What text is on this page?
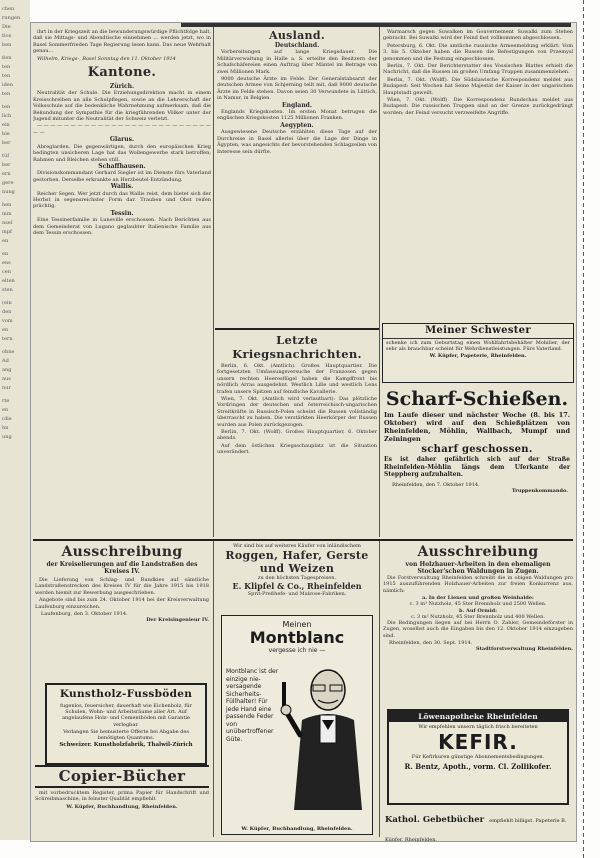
chen
rungen
Die
tlos
ben
ßen
ten
ten
iden
ten
ten
lich
ein
bie
ber
tüf
ber
ern
gere
nung
hen
mm
nsel
mpf
en
en
ens
cen
elten
sten
(ein
den
vom
en
tern
ohne
Ad
ang
aus
nur
rte
en
(die
hn
ung

ihrt in der Kriegszeit an die bewunderungswürdige Pflichtfolge halt, daß sie Mittags- und Abendtische einnehmen ... werden jetzt, wo in Basel Sommerfrieden Tage Regierung lesen kann. Das neue Wehrhalt genau...

Wilhelm, Kriegs-, Basel Sonntag den 11. Oktober 1914

Kantone.
Zürich.

Neutralität der Schule. Die Erziehungsdirektion macht in einem Kreisschreiben an alle Schulpflegen, sowie an die Lehrerschaft der Volksschule auf die bedenkliche Wahrnehmung aufmerksam, daß die Bekundung der Sympathie für die kriegführenden Völker unter der Jugend mitunter die Neutralität der Schweiz verletzt.

— — — — — — — — — — — — — — — — — — — — — — — — — — — —

Glarus.

Abreglarden. Die gegenwärtigen, durch den europäischen Krieg bedingten unsicheren Lage hat das Wollengewerbe stark betroffen; Rahmen und Bleichen stehen still.

Schaffhausen.

Divisionskommandant Gerhard Siegler ist im Dienste fürs Vaterland gestorben. Derselbe erkrankte an Herzbeutel-Entzündung.

Wallis.

Reicher Segen. Wer jetzt durch das Wallis reist, dem bietet sich der Herbst in segensreichster Form dar. Trauben und Obst reifen prächtig.

Tessin.

Eine Tessinerfamilie in Luneville erschossen. Nach Berichten aus dem Gemeinderat von Lugano geglaubter Italienische Familie aus dem Tessin erschossen.

Ausland.
Deutschland.

Vorbereitungen auf lange Kriegsdauer. Die Militärverwaltung in Halle a. S. erteilte den Besitzern der Schafschäfereien einen Auftrag über Mäntel im Betrage von zwei Millionen Mark.

9000 deutsche Ärzte im Felde. Der Generalstabsarzt der deutschen Armee von Schjerning teilt mit, daß 9000 deutsche Ärzte im Felde stehen. Davon seien 30 Verwundete in Lüttich, in Namur, in Belgien.

England.

Englands Kriegskosten. Im ersten Monat betrugen die englischen Kriegskosten 1125 Millionen Franken.

Aegypten.

Ausgewiesene Deutsche erzählten diese Tage auf der Durchreise in Basel allerlei über die Lage der Dinge in Ägypten, was angesichts der bevorstehenden Schlagzeilen von Interesse sein dürfte.

Letzte Kriegsnachrichten.

Berlin, 6. Okt. (Amtlich). Großes Hauptquartier. Die fortgesetzten Umfassungsversuche der Franzosen gegen unsern rechten Heeresflügel haben die Kampffront bis nördlich Arras ausgedehnt. Westlich Lille und westlich Lens trafen unsere Spitzen auf feindliche Kavallerie.

Wien, 7. Okt. (Amtlich wird verlautbart): Das plötzliche Vordringen der deutschen und österreichisch-ungarischen Streitkräfte in Russisch-Polen scheint die Russen vollständig überrascht zu haben. Die verstärkten Heerkörper der Russen wurden aus Polen zurückgezogen.

Berlin, 7. Okt. (Wolff). Großes Hauptquartier, 6. Oktober abends.

Auf dem östlichen Kriegsschauplatz ist die Situation unverändert.

Warmarsch gegen Suwalken im Gouvernement Suwalki zum Stehen gebracht. Bei Suwalki wird der Feind fast vollkommen abgeschlossen.

Petersburg, 6. Okt. Die amtliche russische Armeemeldung erklärt: Vom 3. bis 5. Oktober haben die Russen die Befestigungen von Przemysl genommen und die Festung eingeschlossen.

Berlin, 7. Okt. Der Berichterstatter des Vossischen Blattes erhielt die Nachricht, daß die Russen im großen Umfang Truppen zusammenziehen.

Berlin, 7. Okt. (Wolff). Die Südslawische Korrespondenz meldet aus Budapest: Seit Wochen hat Seine Majestät der Kaiser in der ungarischen Hauptstadt geweilt.

Wien, 7. Okt. (Wolff). Die Korrespondenz Rundschau meldet aus Budapest: Die russischen Truppen sind an der Grenze zurückgedrängt worden; der Feind versucht verzweifelte Angriffe.

Meiner Schwester
schenke ich zum Geburtstag einen Wohlfahrtsbehälter Mobilier, der sehr als brauchbar scheint für Wehrdienstleistungen. Fürs Vaterland.
W. Küpfer, Papeterie, Rheinfelden.
Scharf-Schießen.
Im Laufe dieser und nächster Woche (8. bis 17. Oktober) wird auf den Schießplätzen von Rheinfelden, Möhlin, Wallbach, Mumpf und Zeiningen
scharf geschossen.
Es ist daher gefährlich sich auf der Straße Rheinfelden-Möhlin längs dem Uferkante der Steppberg aufzuhalten.
Rheinfelden, den 7. Oktober 1914.
Truppenkommando.
Ausschreibung
der Kreiselierungen auf die Landstraßen des Kreises IV.

Die Lieferung von Schlag- und Rundkies auf sämtliche Landstraßenstrecken des Kreises IV für die Jahre 1915 bis 1918 werden hiemit zur Bewerbung ausgeschrieben.

Angebote sind bis zum 24. Oktober 1914 bei der Kreisverwaltung Laufenburg einzureichen.

Laufenburg, den 3. Oktober 1914.
Der Kreisingenieur IV.
Kunstholz-Fussböden
fugenlos, feuersicher, dauerhaft wie Eichenholz, für Schulen, Wohn- und Arbeitsräume aller Art. Auf angelaufene Holz- und Cementböden mit Garantie verlegbar.
Verlangen Sie bemusterte Offerte bei Abgabe des benötigten Quantums.
Schweizer. Kunstholzfabrik, Thalwil-Zürich
Copier-Bücher

mit vorbedrucktem Register, prima Papier für Handschrift und Schreibmaschine, in feinster Qualität empfiehlt

W. Küpfer, Buchhandlung, Rheinfelden.
Wir sind bis auf weiteres Käufer von inländischem
Roggen, Hafer, Gerste
und Weizen
zu den höchsten Tagespreisen.
E. Klipfel & Co., Rheinfelden
Sprit-Preßhefe- und Malzose-Fabriken.
Meinen
Montblanc
vergesse ich nie —
Montblanc ist der einzige nie-versagende Sicherheits-Füllhalter! Für jede Hand eine passende Feder von unübertroffener Güte.
W. Küpfer, Buchhandlung, Rheinfelden.
Ausschreibung
von Holzhauer-Arbeiten in den ehemaligen Stocker'schen Waldungen in Zugen.

Die Forstverwaltung Rheinfelden schreibt die in obigen Waldungen pro 1915 auszuführenden Holzhauer-Arbeiten zur freien Konkurrenz aus, nämlich:

a. In der Lienen und großen Weinhalde:
c. 3 m³ Nutzholz, 45 Ster Brennholz und 2500 Wellen.
b. Auf Ormid:
c. 3 m³ Nutzholz, 45 Ster Brennholz und 400 Wellen.

Die Bedingungen liegen auf bei Herrn O. Zahler, Gemeindeförster in Zugen, woselbst auch die Eingaben bis den 12. Oktober 1914 einzugeben sind.

Rheinfelden, den 30. Sept. 1914.
Stadtforstverwaltung Rheinfelden.
Löwenapotheke Rheinfelden
Wir empfehlen unsern täglich frisch bereiteten
KEFIR.
Für Kefirkuren günstige Abonnementsbedingungen.
R. Bentz, Apoth., vorm. Cl. Zollikofer.
Kathol. Gebetbücher empfiehlt billigst. Papeterie B. Küpfer, Rheinfelden.
